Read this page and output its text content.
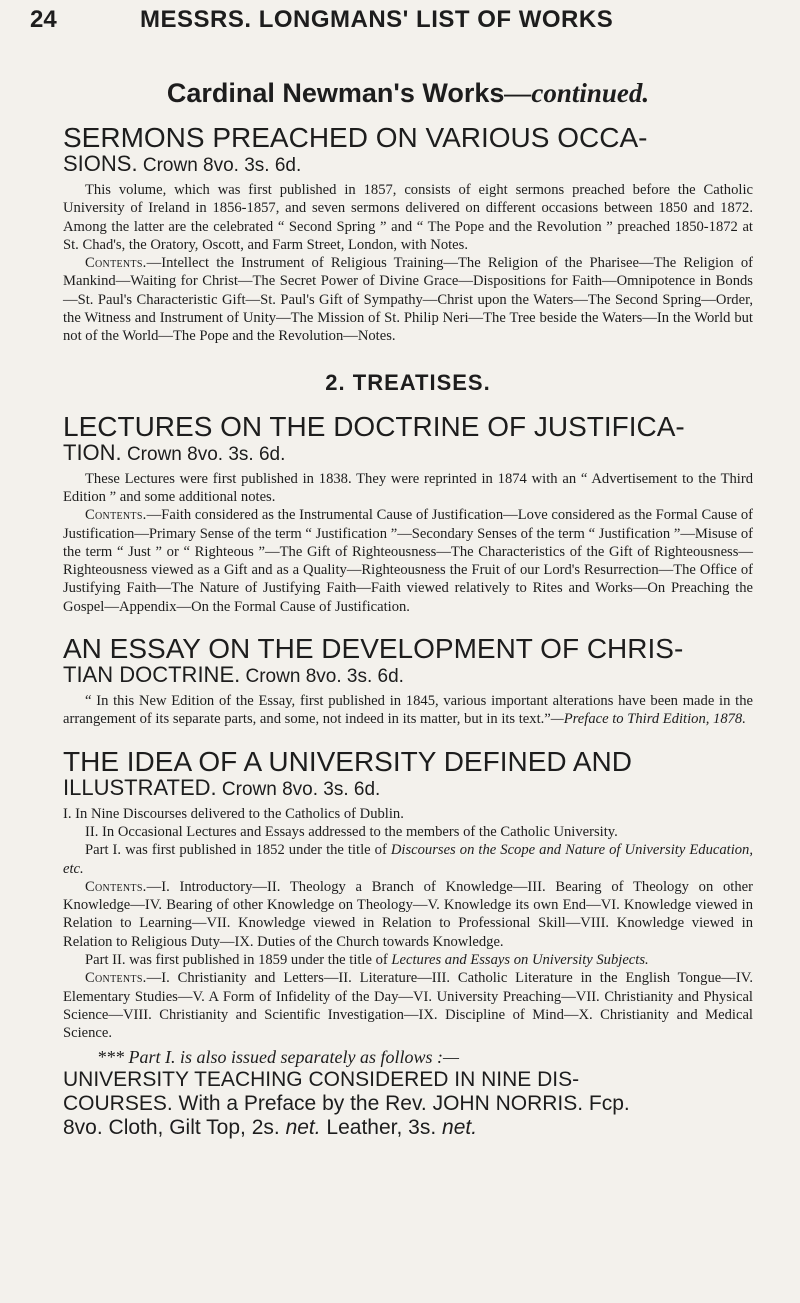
24	MESSRS. LONGMANS' LIST OF WORKS
Cardinal Newman's Works—continued.
SERMONS PREACHED ON VARIOUS OCCA-
SIONS. Crown 8vo. 3s. 6d.

This volume, which was first published in 1857, consists of eight sermons preached before the Catholic University of Ireland in 1856-1857, and seven sermons delivered on different occasions between 1850 and 1872. Among the latter are the celebrated “ Second Spring ” and “ The Pope and the Revolution ” preached 1850-1872 at St. Chad's, the Oratory, Oscott, and Farm Street, London, with Notes.

Contents.—Intellect the Instrument of Religious Training—The Religion of the Pharisee—The Religion of Mankind—Waiting for Christ—The Secret Power of Divine Grace—Dispositions for Faith—Omnipotence in Bonds—St. Paul's Characteristic Gift—St. Paul's Gift of Sympathy—Christ upon the Waters—The Second Spring—Order, the Witness and Instrument of Unity—The Mission of St. Philip Neri—The Tree beside the Waters—In the World but not of the World—The Pope and the Revolution—Notes.

2. TREATISES.
LECTURES ON THE DOCTRINE OF JUSTIFICA-
TION. Crown 8vo. 3s. 6d.

These Lectures were first published in 1838. They were reprinted in 1874 with an “ Advertisement to the Third Edition ” and some additional notes.

Contents.—Faith considered as the Instrumental Cause of Justification—Love considered as the Formal Cause of Justification—Primary Sense of the term “ Justification ”—Secondary Senses of the term “ Justification ”—Misuse of the term “ Just ” or “ Righteous ”—The Gift of Righteousness—The Characteristics of the Gift of Righteousness—Righteousness viewed as a Gift and as a Quality—Righteousness the Fruit of our Lord's Resurrection—The Office of Justifying Faith—The Nature of Justifying Faith—Faith viewed relatively to Rites and Works—On Preaching the Gospel—Appendix—On the Formal Cause of Justification.

AN ESSAY ON THE DEVELOPMENT OF CHRIS-
TIAN DOCTRINE. Crown 8vo. 3s. 6d.

“ In this New Edition of the Essay, first published in 1845, various important alterations have been made in the arrangement of its separate parts, and some, not indeed in its matter, but in its text.”—Preface to Third Edition, 1878.

THE IDEA OF A UNIVERSITY DEFINED AND
ILLUSTRATED. Crown 8vo. 3s. 6d.

I. In Nine Discourses delivered to the Catholics of Dublin.

II. In Occasional Lectures and Essays addressed to the members of the Catholic University.

Part I. was first published in 1852 under the title of Discourses on the Scope and Nature of University Education, etc.

Contents.—I. Introductory—II. Theology a Branch of Knowledge—III. Bearing of Theology on other Knowledge—IV. Bearing of other Knowledge on Theology—V. Knowledge its own End—VI. Knowledge viewed in Relation to Learning—VII. Knowledge viewed in Relation to Professional Skill—VIII. Knowledge viewed in Relation to Religious Duty—IX. Duties of the Church towards Knowledge.

Part II. was first published in 1859 under the title of Lectures and Essays on University Subjects.

Contents.—I. Christianity and Letters—II. Literature—III. Catholic Literature in the English Tongue—IV. Elementary Studies—V. A Form of Infidelity of the Day—VI. University Preaching—VII. Christianity and Physical Science—VIII. Christianity and Scientific Investigation—IX. Discipline of Mind—X. Christianity and Medical Science.

*** Part I. is also issued separately as follows :—
UNIVERSITY TEACHING CONSIDERED IN NINE DIS-
COURSES. With a Preface by the Rev. JOHN NORRIS. Fcp.
8vo. Cloth, Gilt Top, 2s. net. Leather, 3s. net.
